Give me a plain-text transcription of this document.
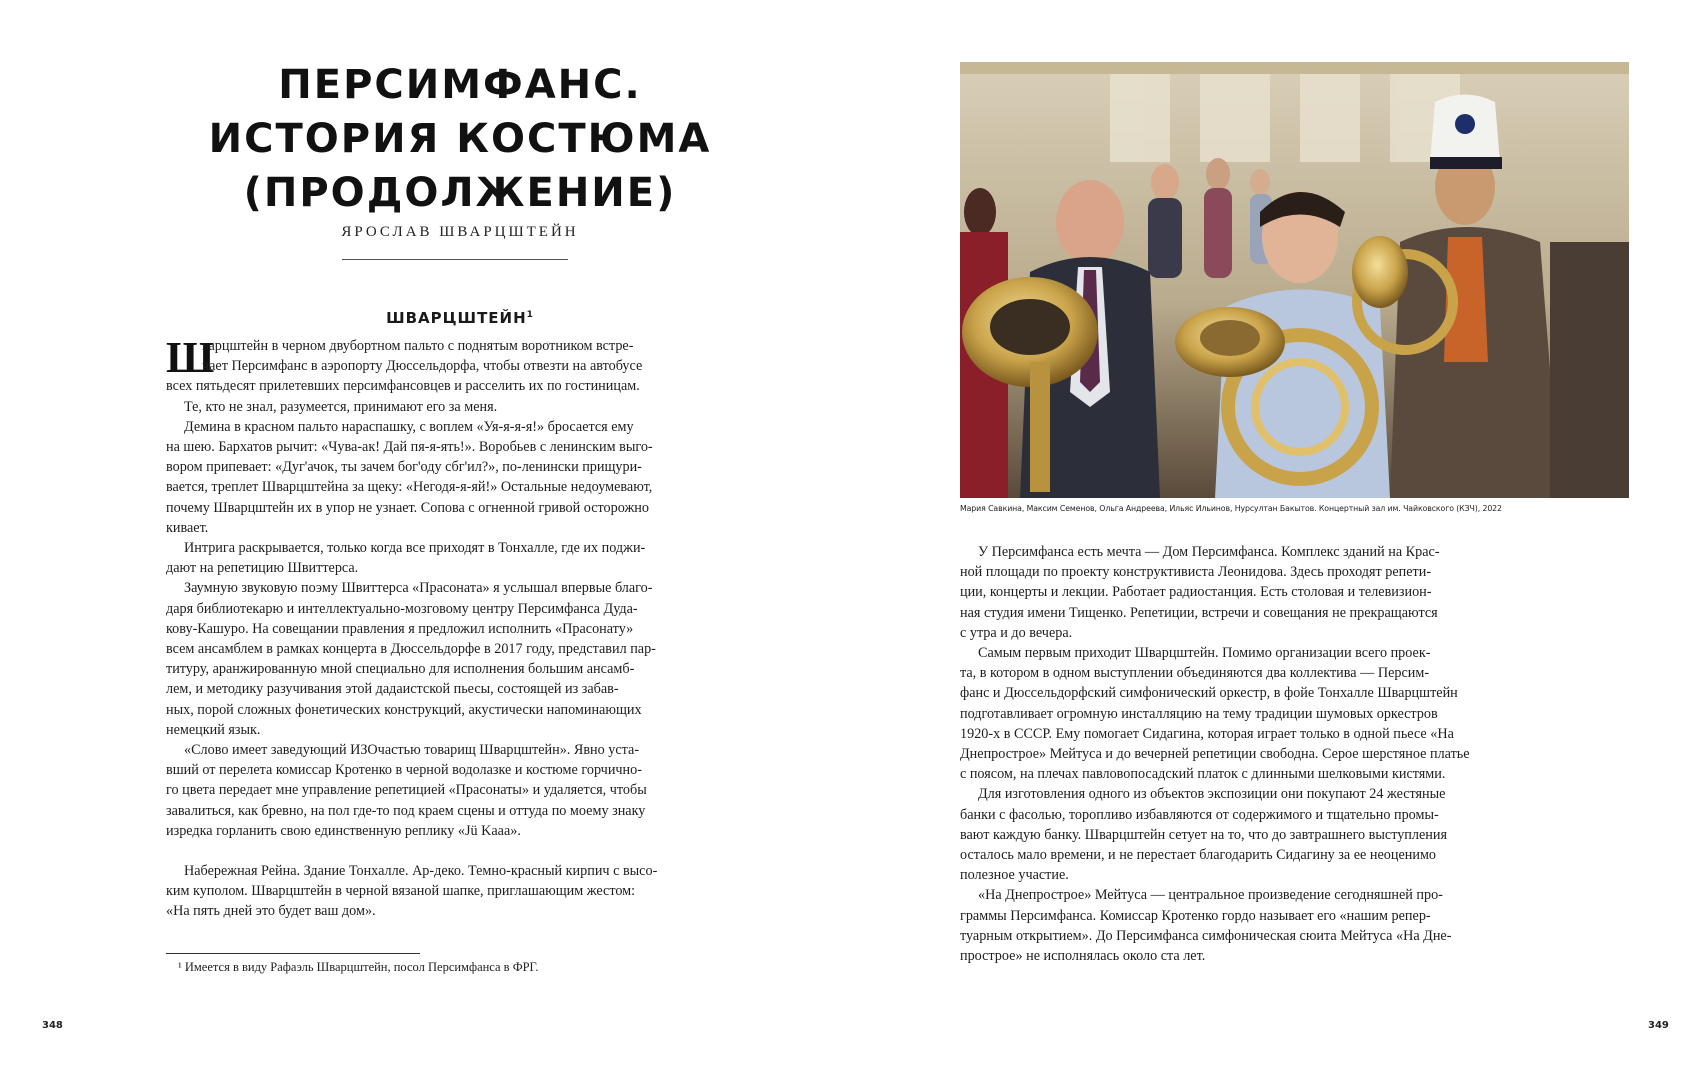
ПЕРСИМФАНС.
ИСТОРИЯ КОСТЮМА
(ПРОДОЛЖЕНИЕ)
ЯРОСЛАВ ШВАРЦШТЕЙН
ШВАРЦШТЕЙН$^1$
Ш
варцштейн в черном двубортном пальто с поднятым воротником встре-
чает Персимфанс в аэропорту Дюссельдорфа, чтобы отвезти на автобусе
всех пятьдесят прилетевших персимфансовцев и расселить их по гостиницам.
Те, кто не знал, разумеется, принимают его за меня.
Демина в красном пальто нараспашку, с воплем «Уя-я-я-я!» бросается ему
на шею. Бархатов рычит: «Чува-ак! Дай пя-я-ять!». Воробьев с ленинским выго-
вором припевает: «Дуг'ачок, ты зачем бог'оду сбг'ил?», по-ленински прищури-
вается, треплет Шварцштейна за щеку: «Негодя-я-яй!» Остальные недоумевают,
почему Шварцштейн их в упор не узнает. Сопова с огненной гривой осторожно
кивает.
Интрига раскрывается, только когда все приходят в Тонхалле, где их поджи-
дают на репетицию Швиттерса.
Заумную звуковую поэму Швиттерса «Прасоната» я услышал впервые благо-
даря библиотекарю и интеллектуально-мозговому центру Персимфанса Дуда-
кову-Кашуро. На совещании правления я предложил исполнить «Прасонату»
всем ансамблем в рамках концерта в Дюссельдорфе в 2017 году, представил пар-
титуру, аранжированную мной специально для исполнения большим ансамб-
лем, и методику разучивания этой дадаистской пьесы, состоящей из забав-
ных, порой сложных фонетических конструкций, акустически напоминающих
немецкий язык.
«Слово имеет заведующий ИЗОчастью товарищ Шварцштейн». Явно уста-
вший от перелета комиссар Кротенко в черной водолазке и костюме горчично-
го цвета передает мне управление репетицией «Прасонаты» и удаляется, чтобы
завалиться, как бревно, на пол где-то под краем сцены и оттуда по моему знаку
изредка горланить свою единственную реплику «Jü Kaaa».
Набережная Рейна. Здание Тонхалле. Ар-деко. Темно-красный кирпич с высо-
ким куполом. Шварцштейн в черной вязаной шапке, приглашающим жестом:
«На пять дней это будет ваш дом».
¹ Имеется в виду Рафаэль Шварцштейн, посол Персимфанса в ФРГ.
348
Мария Савкина, Максим Семенов, Ольга Андреева, Ильяс Ильинов, Нурсултан Бакытов. Концертный зал им. Чайковского (КЗЧ), 2022
У Персимфанса есть мечта — Дом Персимфанса. Комплекс зданий на Крас-
ной площади по проекту конструктивиста Леонидова. Здесь проходят репети-
ции, концерты и лекции. Работает радиостанция. Есть столовая и телевизион-
ная студия имени Тищенко. Репетиции, встречи и совещания не прекращаются
с утра и до вечера.
Самым первым приходит Шварцштейн. Помимо организации всего проек-
та, в котором в одном выступлении объединяются два коллектива — Персим-
фанс и Дюссельдорфский симфонический оркестр, в фойе Тонхалле Шварцштейн
подготавливает огромную инсталляцию на тему традиции шумовых оркестров
1920-х в СССР. Ему помогает Сидагина, которая играет только в одной пьесе «На
Днепрострое» Мейтуса и до вечерней репетиции свободна. Серое шерстяное платье
с поясом, на плечах павловопосадский платок с длинными шелковыми кистями.
Для изготовления одного из объектов экспозиции они покупают 24 жестяные
банки с фасолью, торопливо избавляются от содержимого и тщательно промы-
вают каждую банку. Шварцштейн сетует на то, что до завтрашнего выступления
осталось мало времени, и не перестает благодарить Сидагину за ее неоценимо
полезное участие.
«На Днепрострое» Мейтуса — центральное произведение сегодняшней про-
граммы Персимфанса. Комиссар Кротенко гордо называет его «нашим репер-
туарным открытием». До Персимфанса симфоническая сюита Мейтуса «На Дне-
прострое» не исполнялась около ста лет.
349
